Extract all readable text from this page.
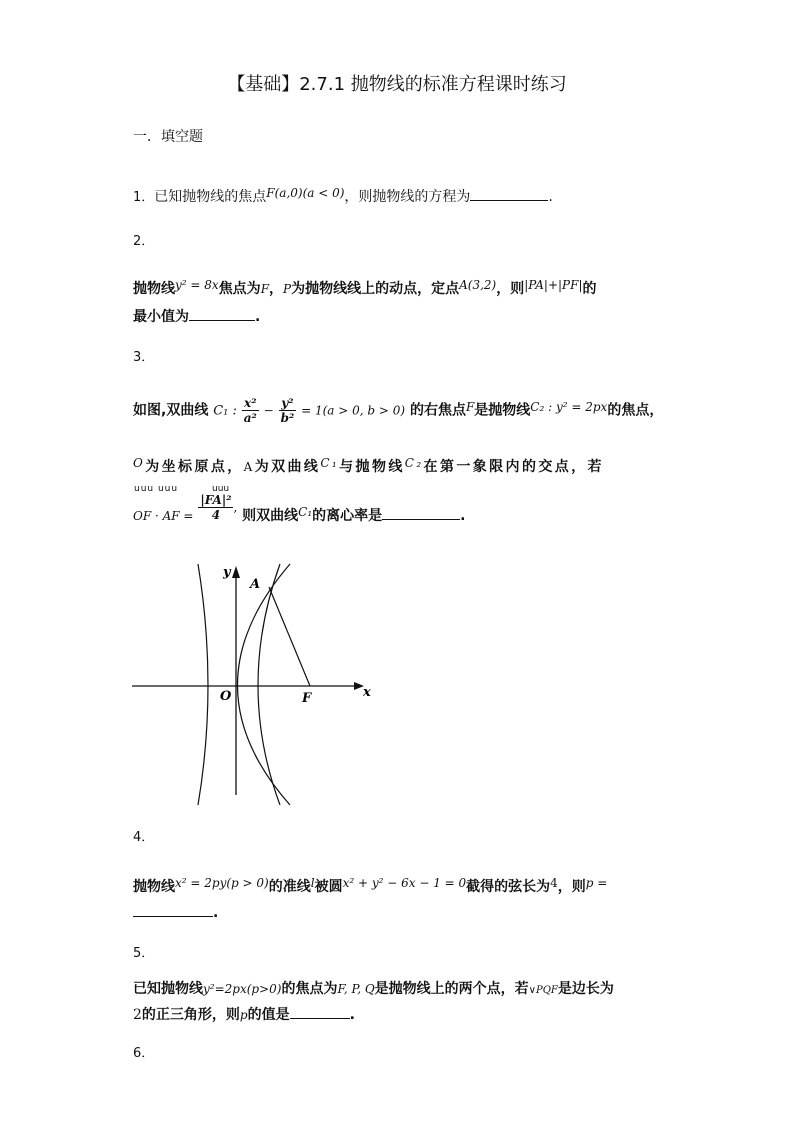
【基础】2.7.1 抛物线的标准方程课时练习
一．填空题
1．已知抛物线的焦点F(a,0)(a < 0)，则抛物线的方程为	.
2．
抛物线y² = 8x焦点为F，P为抛物线线上的动点，定点A(3,2)，则|PA|+|PF|的
最小值为	.
3．
如图,双曲线 C₁ : $\frac{\text{x²}}{\text{a²}} - \frac{\text{y²}}{\text{b²}} = 1(a > 0$, b > 0) 的右焦点F是抛物线C₂ : y² = 2px的焦点，
O为坐标原点，A为双曲线C₁与抛物线C₂在第一象限内的交点，若
uuu uuu	uuu
OF · AF = $\frac{\text{|FA|²}}{4}$ , 则双曲线C₁的离心率是	.
y
x
A
O	F
4．
抛物线x² = 2py(p > 0)的准线l被圆x² + y² − 6x − 1 = 0截得的弦长为4，则p =
.
5．
已知抛物线y²=2px(p>0)的焦点为F, P, Q是抛物线上的两个点，若∨PQF是边长为
2的正三角形，则p的值是	.
6．
